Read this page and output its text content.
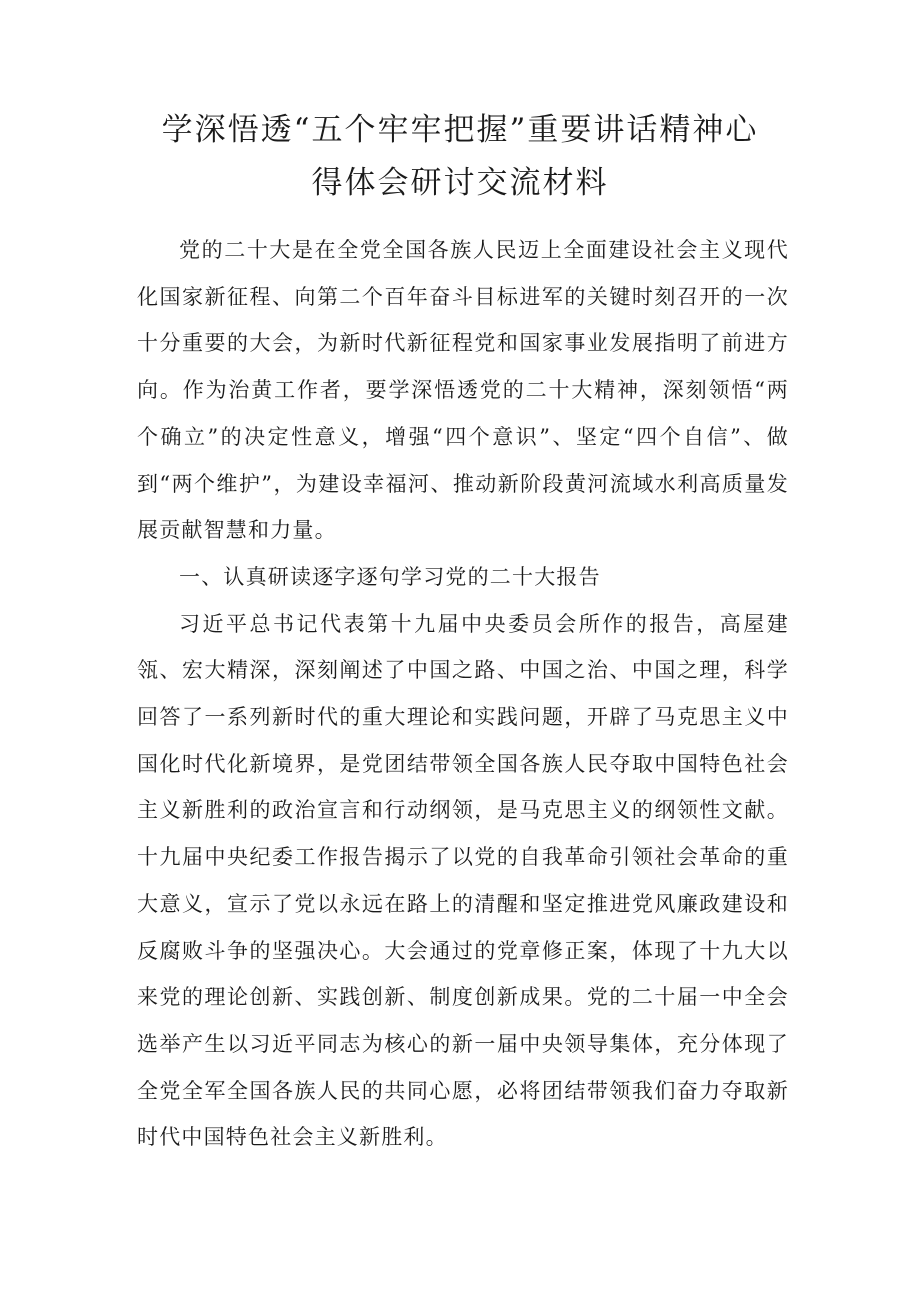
学深悟透“五个牢牢把握”重要讲话精神心
得体会研讨交流材料

党的二十大是在全党全国各族人民迈上全面建设社会主义现代化国家新征程、向第二个百年奋斗目标进军的关键时刻召开的一次十分重要的大会，为新时代新征程党和国家事业发展指明了前进方向。作为治黄工作者，要学深悟透党的二十大精神，深刻领悟“两个确立”的决定性意义，增强“四个意识”、坚定“四个自信”、做到“两个维护”，为建设幸福河、推动新阶段黄河流域水利高质量发展贡献智慧和力量。

一、认真研读逐字逐句学习党的二十大报告

习近平总书记代表第十九届中央委员会所作的报告，高屋建瓴、宏大精深，深刻阐述了中国之路、中国之治、中国之理，科学回答了一系列新时代的重大理论和实践问题，开辟了马克思主义中国化时代化新境界，是党团结带领全国各族人民夺取中国特色社会主义新胜利的政治宣言和行动纲领，是马克思主义的纲领性文献。十九届中央纪委工作报告揭示了以党的自我革命引领社会革命的重大意义，宣示了党以永远在路上的清醒和坚定推进党风廉政建设和反腐败斗争的坚强决心。大会通过的党章修正案，体现了十九大以来党的理论创新、实践创新、制度创新成果。党的二十届一中全会选举产生以习近平同志为核心的新一届中央领导集体，充分体现了全党全军全国各族人民的共同心愿，必将团结带领我们奋力夺取新时代中国特色社会主义新胜利。
